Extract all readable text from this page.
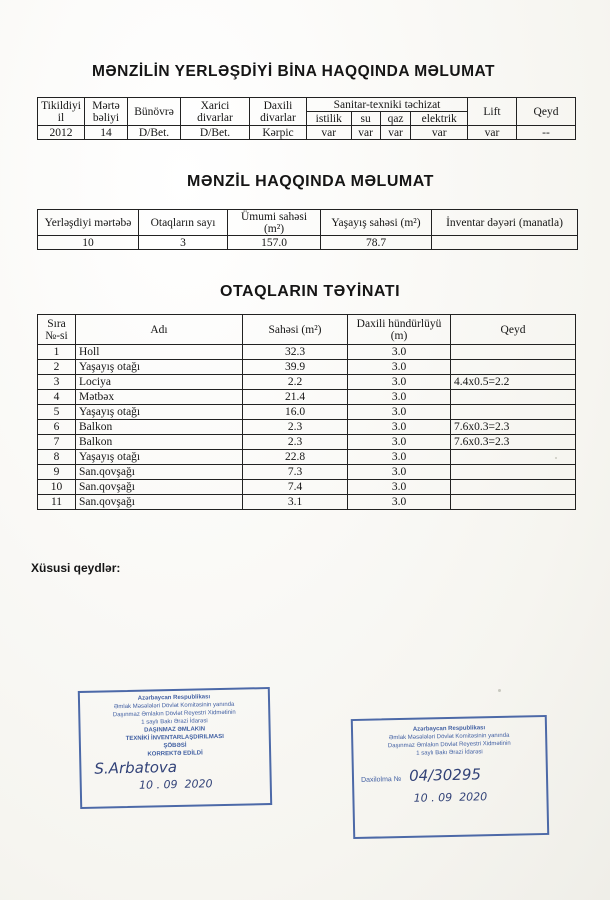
MƏNZİLİN YERLƏŞDİYİ BİNA HAQQINDA MƏLUMAT
Tikildiyi il	Mərtə bəliyi	Bünövrə	Xarici divarlar	Daxili divarlar	Sanitar-texniki təchizat				Lift	Qeyd
					istilik	su	qaz	elektrik		
2012	14	D/Bet.	D/Bet.	Kərpic	var	var	var	var	var	--
MƏNZİL HAQQINDA MƏLUMAT
Yerləşdiyi mərtəbə	Otaqların sayı	Ümumi sahəsi (m²)	Yaşayış sahəsi (m²)	İnventar dəyəri (manatla)
10	3	157.0	78.7	
OTAQLARIN TƏYİNATI
Sıra №-si	Adı	Sahəsi (m²)	Daxili hündürlüyü (m)	Qeyd
1	Holl	32.3	3.0	
2	Yaşayış otağı	39.9	3.0	
3	Lociya	2.2	3.0	4.4x0.5=2.2
4	Mətbəx	21.4	3.0	
5	Yaşayış otağı	16.0	3.0	
6	Balkon	2.3	3.0	7.6x0.3=2.3
7	Balkon	2.3	3.0	7.6x0.3=2.3
8	Yaşayış otağı	22.8	3.0	
9	San.qovşağı	7.3	3.0	
10	San.qovşağı	7.4	3.0	
11	San.qovşağı	3.1	3.0	
Xüsusi qeydlər:
Azərbaycan Respublikası
Əmlak Məsələləri Dövlət Komitəsinin yanında
Daşınmaz Əmlakın Dövlət Reyestri Xidmətinin
1 saylı Bakı Ərazi İdarəsi
DAŞINMAZ ƏMLAKIN
TEXNİKİ İNVENTARLAŞDIRILMASI
ŞÖBƏSİ
KORREKTƏ EDİLDİ
S.Arbatova
10 . 09 2020
Azərbaycan Respublikası
Əmlak Məsələləri Dövlət Komitəsinin yanında
Daşınmaz Əmlakın Dövlət Reyestri Xidmətinin
1 saylı Bakı Ərazi İdarəsi
Daxilolma № 04/30295
10 . 09 2020
